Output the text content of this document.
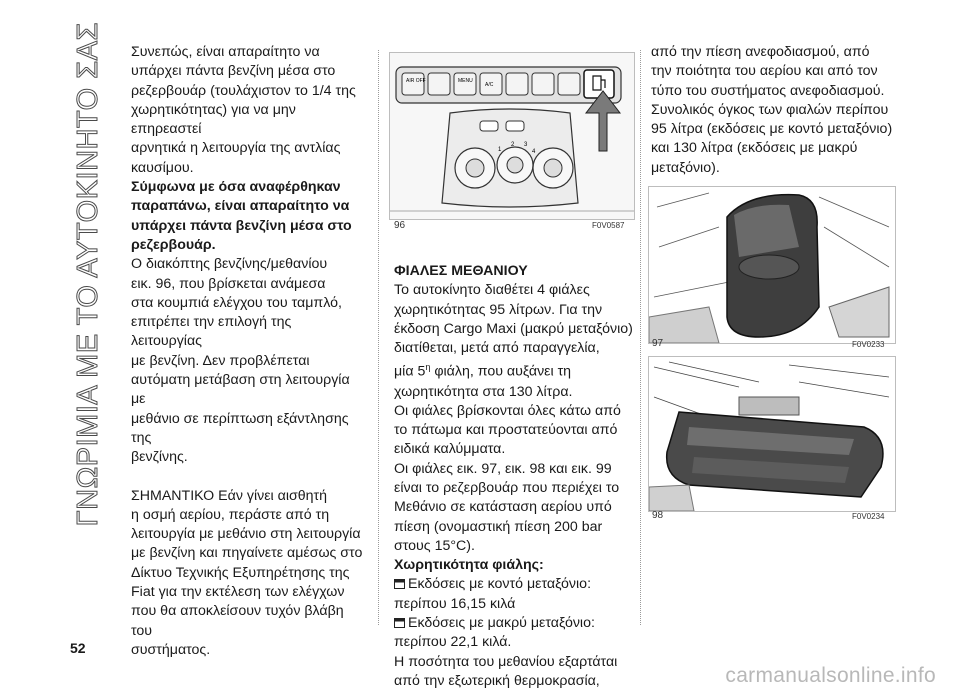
ΓΝΩΡΙΜΙΑ ΜΕ ΤΟ ΑΥΤΟΚΙΝΗΤΟ ΣΑΣ Συνεπώς, είναι απαραίτητο να

υπάρχει πάντα βενζίνη μέσα στο

ρεζερβουάρ (τουλάχιστον το 1/4 της

χωρητικότητας) για να μην επηρεαστεί

αρνητικά η λειτουργία της αντλίας

καυσίμου.

Σύμφωνα με όσα αναφέρθηκαν

παραπάνω, είναι απαραίτητο να

υπάρχει πάντα βενζίνη μέσα στο

ρεζερβουάρ.

Ο διακόπτης βενζίνης/μεθανίου

εικ. 96, που βρίσκεται ανάμεσα

στα κουμπιά ελέγχου του ταμπλό,

επιτρέπει την επιλογή της λειτουργίας

με βενζίνη. Δεν προβλέπεται

αυτόματη μετάβαση στη λειτουργία με

μεθάνιο σε περίπτωση εξάντλησης της

βενζίνης.

ΣΗΜΑΝΤΙΚΟ Εάν γίνει αισθητή

η οσμή αερίου, περάστε από τη

λειτουργία με μεθάνιο στη λειτουργία

με βενζίνη και πηγαίνετε αμέσως στο

Δίκτυο Τεχνικής Εξυπηρέτησης της

Fiat για την εκτέλεση των ελέγχων

που θα αποκλείσουν τυχόν βλάβη του

συστήματος.

AIR OFF	MENU
A/C
1
2 3
4
96	F0V0587

ΦΙΑΛΕΣ ΜΕΘΑΝΙΟΥ

Το αυτοκίνητο διαθέτει 4 φιάλες

χωρητικότητας 95 λίτρων. Για την

έκδοση Cargo Maxi (μακρύ μεταξόνιο)

διατίθεται, μετά από παραγγελία,

μία $5^\eta$ φιάλη, που αυξάνει τη

χωρητικότητα στα 130 λίτρα.

Οι φιάλες βρίσκονται όλες κάτω από

το πάτωμα και προστατεύονται από

ειδικά καλύμματα.

Οι φιάλες εικ. 97, εικ. 98 και εικ. 99

είναι το ρεζερβουάρ που περιέχει το

Μεθάνιο σε κατάσταση αερίου υπό

πίεση (ονομαστική πίεση 200 bar

στους 15°C).

Χωρητικότητα φιάλης:

Εκδόσεις με κοντό μεταξόνιο:

περίπου 16,15 κιλά

Εκδόσεις με μακρύ μεταξόνιο:

περίπου 22,1 κιλά.

Η ποσότητα του μεθανίου εξαρτάται

από την εξωτερική θερμοκρασία,

από την πίεση ανεφοδιασμού, από

την ποιότητα του αερίου και από τον

τύπο του συστήματος ανεφοδιασμού.

Συνολικός όγκος των φιαλών περίπου

95 λίτρα (εκδόσεις με κοντό μεταξόνιο)

και 130 λίτρα (εκδόσεις με μακρύ

μεταξόνιο).

97	F0V0233
98	F0V0234
52
carmanualsonline.info
